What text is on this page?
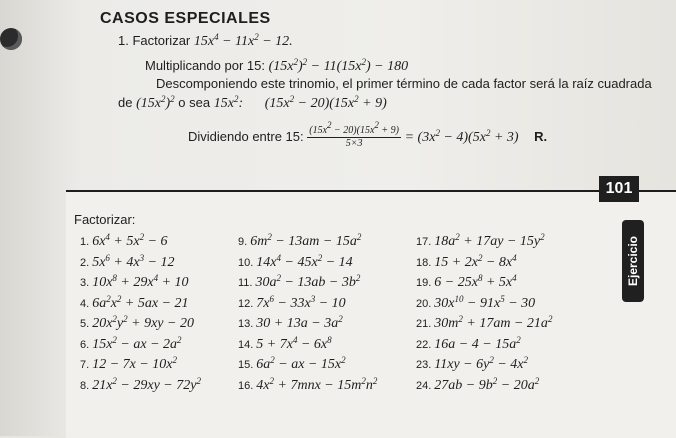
CASOS ESPECIALES
1. Factorizar $15x^4 - 11x^2 - 12$.
Multiplicando por 15: $(15x^2)^2 - 11(15x^2) - 180$
Descomponiendo este trinomio, el primer término de cada factor será la raíz cuadrada
de $(15x^2)^2$ o sea $15x^2$: $(15x^2 - 20)(15x^2 + 9)$
Dividiendo entre 15: $\frac{(15x^2 - 20)(15x^2 + 9)}{5\times 3} = (3x^2 - 4)(5x^2 + 3)$ R.
101
Ejercicio
Factorizar:
1. $6x^4 + 5x^2 - 6$
2. $5x^6 + 4x^3 - 12$
3. $10x^8 + 29x^4 + 10$
4. $6a^2x^2 + 5ax - 21$
5. $20x^2y^2 + 9xy - 20$
6. $15x^2$ − ax − $2a^2$
7. $12 - 7x - 10x^2$
8. $21x^2 - 29xy - 72y^2$
9. $6m^2 - 13am - 15a^2$
10. $14x^4 - 45x^2 - 14$
11. $30a^2 - 13ab - 3b^2$
12. $7x^6 - 33x^3 - 10$
13. $30 + 13a - 3a^2$
14. $5 + 7x^4 - 6x^8$
15. $6a^2$ − ax − $15x^2$
16. $4x^2 + 7mnx - 15m^2n^2$
17. $18a^2 + 17ay - 15y^2$
18. $15 + 2x^2 - 8x^4$
19. $6 - 25x^8 + 5x^4$
20. $30x^{10} - 91x^5 - 30$
21. $30m^2 + 17am - 21a^2$
22. $16a - 4 - 15a^2$
23. $11xy - 6y^2 - 4x^2$
24. $27ab - 9b^2 - 20a^2$
